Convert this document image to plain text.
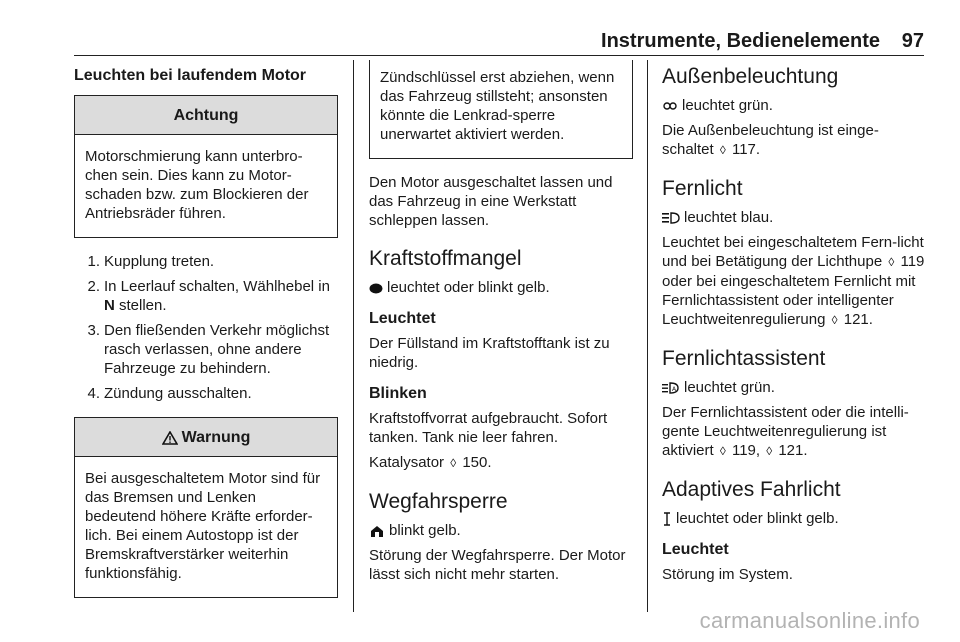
Instrumente, Bedienelemente 97
Leuchten bei laufendem Motor
Achtung
Motorschmierung kann unterbro-chen sein. Dies kann zu Motor-schaden bzw. zum Blockieren der Antriebsräder führen.
1. Kupplung treten.
2. In Leerlauf schalten, Wählhebel in N stellen.
3. Den fließenden Verkehr möglichst rasch verlassen, ohne andere Fahrzeuge zu behindern.
4. Zündung ausschalten.
Warnung
Bei ausgeschaltetem Motor sind für das Bremsen und Lenken bedeutend höhere Kräfte erforder-lich. Bei einem Autostopp ist der Bremskraftverstärker weiterhin funktionsfähig.
Zündschlüssel erst abziehen, wenn das Fahrzeug stillsteht; ansonsten könnte die Lenkrad-sperre unerwartet aktiviert werden.

Den Motor ausgeschaltet lassen und das Fahrzeug in eine Werkstatt schleppen lassen.

Kraftstoffmangel

leuchtet oder blinkt gelb.

Leuchtet

Der Füllstand im Kraftstofftank ist zu niedrig.

Blinken

Kraftstoffvorrat aufgebraucht. Sofort tanken. Tank nie leer fahren.

Katalysator ◊ 150.

Wegfahrsperre

blinkt gelb.

Störung der Wegfahrsperre. Der Motor lässt sich nicht mehr starten.

Außenbeleuchtung

leuchtet grün.

Die Außenbeleuchtung ist einge-schaltet ◊ 117.

Fernlicht

leuchtet blau.

Leuchtet bei eingeschaltetem Fern-licht und bei Betätigung der Lichthupe ◊ 119 oder bei eingeschaltetem Fernlicht mit Fernlichtassistent oder intelligenter Leuchtweitenregulierung ◊ 121.

Fernlichtassistent

A leuchtet grün.

Der Fernlichtassistent oder die intelli-gente Leuchtweitenregulierung ist aktiviert ◊ 119, ◊ 121.

Adaptives Fahrlicht

leuchtet oder blinkt gelb.

Leuchtet

Störung im System.

carmanualsonline.info
